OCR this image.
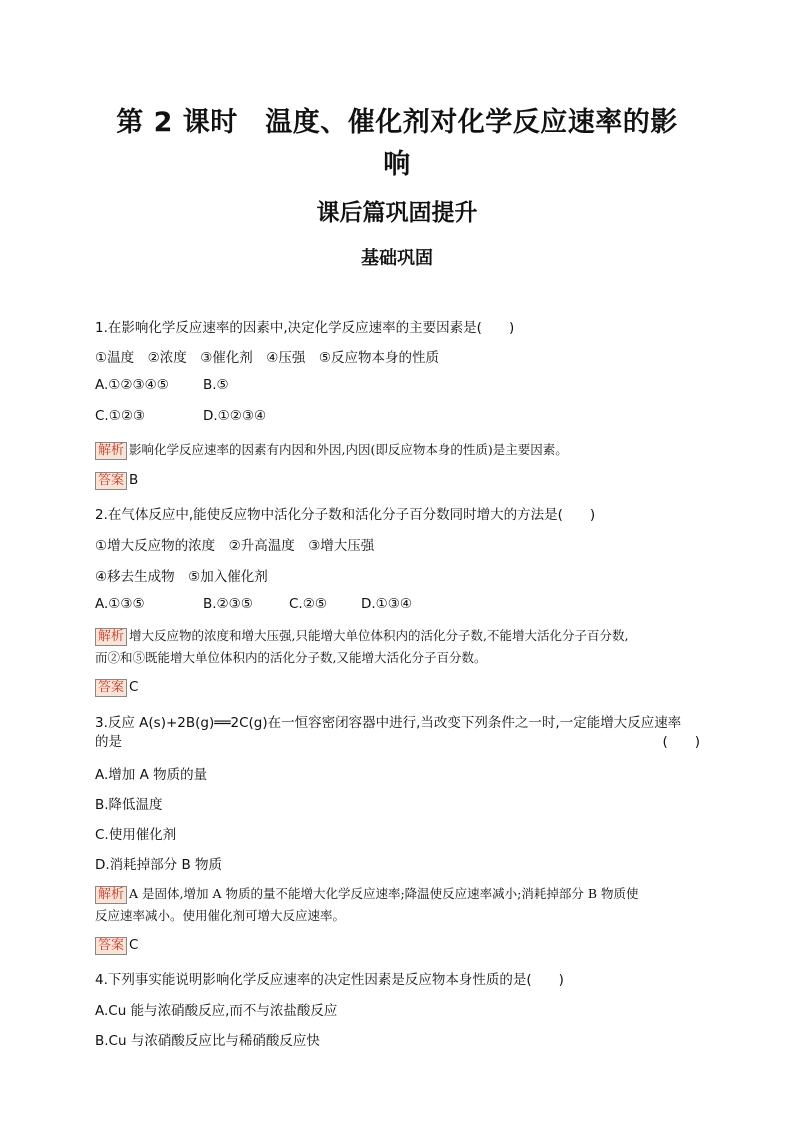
第 2 课时　温度、催化剂对化学反应速率的影
响
课后篇巩固提升
基础巩固
1.在影响化学反应速率的因素中,决定化学反应速率的主要因素是(　　)
①温度　②浓度　③催化剂　④压强　⑤反应物本身的性质
A.①②③④⑤	B.⑤
C.①②③	D.①②③④
解析 影响化学反应速率的因素有内因和外因,内因(即反应物本身的性质)是主要因素。
答案 B
2.在气体反应中,能使反应物中活化分子数和活化分子百分数同时增大的方法是(　　)
①增大反应物的浓度　②升高温度　③增大压强
④移去生成物　⑤加入催化剂
A.①③⑤	B.②③⑤	C.②⑤	D.①③④
解析 增大反应物的浓度和增大压强,只能增大单位体积内的活化分子数,不能增大活化分子百分数,
而②和⑤既能增大单位体积内的活化分子数,又能增大活化分子百分数。
答案 C
3.反应 A(s)+2B(g)══2C(g)在一恒容密闭容器中进行,当改变下列条件之一时,一定能增大反应速率
的是	(　　)
A.增加 A 物质的量
B.降低温度
C.使用催化剂
D.消耗掉部分 B 物质
解析 A 是固体,增加 A 物质的量不能增大化学反应速率;降温使反应速率减小;消耗掉部分 B 物质使
反应速率减小。使用催化剂可增大反应速率。
答案 C
4.下列事实能说明影响化学反应速率的决定性因素是反应物本身性质的是(　　)
A.Cu 能与浓硝酸反应,而不与浓盐酸反应
B.Cu 与浓硝酸反应比与稀硝酸反应快
